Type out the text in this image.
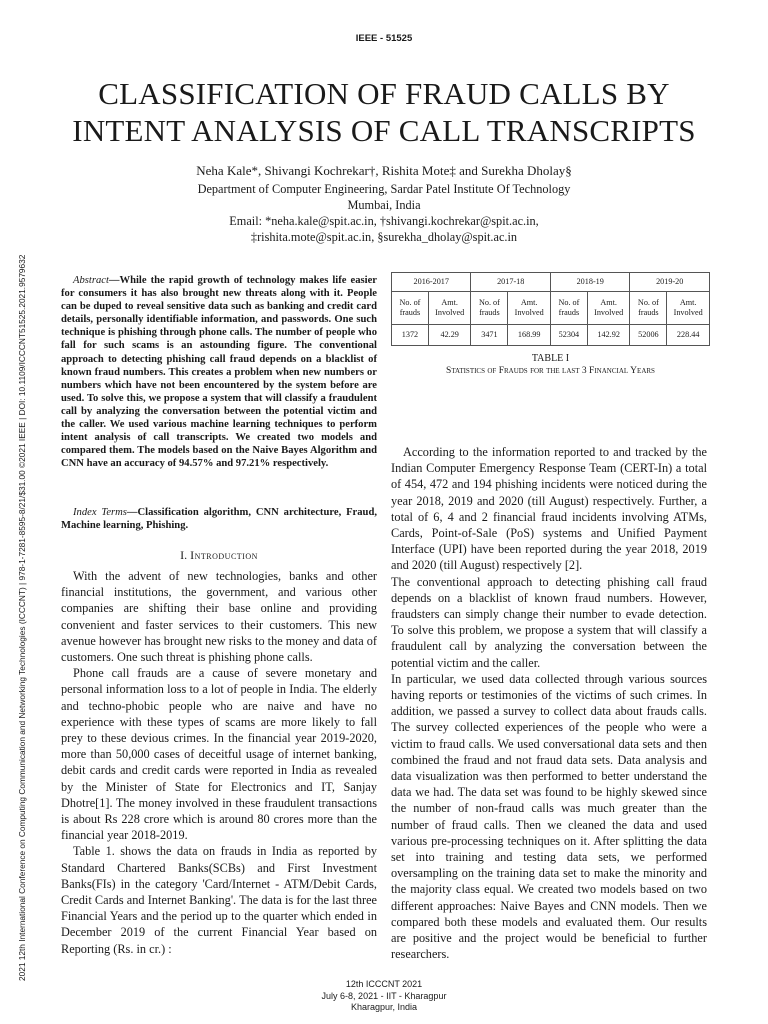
IEEE - 51525
2021 12th International Conference on Computing Communication and Networking Technologies (ICCCNT) | 978-1-7281-8595-8/21/$31.00 ©2021 IEEE | DOI: 10.1109/ICCCNT51525.2021.9579632
CLASSIFICATION OF FRAUD CALLS BY
INTENT ANALYSIS OF CALL TRANSCRIPTS
Neha Kale*, Shivangi Kochrekar†, Rishita Mote‡ and Surekha Dholay§
Department of Computer Engineering, Sardar Patel Institute Of Technology
Mumbai, India
Email: *neha.kale@spit.ac.in, †shivangi.kochrekar@spit.ac.in,
‡rishita.mote@spit.ac.in, §surekha_dholay@spit.ac.in
Abstract—While the rapid growth of technology makes life easier for consumers it has also brought new threats along with it. People can be duped to reveal sensitive data such as banking and credit card details, personally identifiable information, and passwords. One such technique is phishing through phone calls. The number of people who fall for such scams is an astounding figure. The conventional approach to detecting phishing call fraud depends on a blacklist of known fraud numbers. This creates a problem when new numbers or numbers which have not been encountered by the system before are used. To solve this, we propose a system that will classify a fraudulent call by analyzing the conversation between the potential victim and the caller. We used various machine learning techniques to perform intent analysis of call transcripts. We created two models and compared them. The models based on the Naive Bayes Algorithm and CNN have an accuracy of 94.57% and 97.21% respectively.
Index Terms—Classification algorithm, CNN architecture, Fraud, Machine learning, Phishing.
I. Introduction

With the advent of new technologies, banks and other financial institutions, the government, and various other companies are shifting their base online and providing convenient and faster services to their customers. This new avenue however has brought new risks to the money and data of customers. One such threat is phishing phone calls.

Phone call frauds are a cause of severe monetary and personal information loss to a lot of people in India. The elderly and techno-phobic people who are naive and have no experience with these types of scams are more likely to fall prey to these devious crimes. In the financial year 2019-2020, more than 50,000 cases of deceitful usage of internet banking, debit cards and credit cards were reported in India as revealed by the Minister of State for Electronics and IT, Sanjay Dhotre[1]. The money involved in these fraudulent transactions is about Rs 228 crore which is around 80 crores more than the financial year 2018-2019.

Table 1. shows the data on frauds in India as reported by Standard Chartered Banks(SCBs) and First Investment Banks(FIs) in the category 'Card/Internet - ATM/Debit Cards, Credit Cards and Internet Banking'. The data is for the last three Financial Years and the period up to the quarter which ended in December 2019 of the current Financial Year based on Reporting (Rs. in cr.) :

2016-2017		2017-18		2018-19		2019-20	
No. of frauds	Amt. Involved	No. of frauds	Amt. Involved	No. of frauds	Amt. Involved	No. of frauds	Amt. Involved
1372	42.29	3471	168.99	52304	142.92	52006	228.44
TABLE I
Statistics of Frauds for the last 3 Financial Years

According to the information reported to and tracked by the Indian Computer Emergency Response Team (CERT-In) a total of 454, 472 and 194 phishing incidents were noticed during the year 2018, 2019 and 2020 (till August) respectively. Further, a total of 6, 4 and 2 financial fraud incidents involving ATMs, Cards, Point-of-Sale (PoS) systems and Unified Payment Interface (UPI) have been reported during the year 2018, 2019 and 2020 (till August) respectively [2].

The conventional approach to detecting phishing call fraud depends on a blacklist of known fraud numbers. However, fraudsters can simply change their number to evade detection. To solve this problem, we propose a system that will classify a fraudulent call by analyzing the conversation between the potential victim and the caller.

In particular, we used data collected through various sources having reports or testimonies of the victims of such crimes. In addition, we passed a survey to collect data about frauds calls. The survey collected experiences of the people who were a victim to fraud calls. We used conversational data sets and then combined the fraud and not fraud data sets. Data analysis and data visualization was then performed to better understand the data we had. The data set was found to be highly skewed since the number of non-fraud calls was much greater than the number of fraud calls. Then we cleaned the data and used various pre-processing techniques on it. After splitting the data set into training and testing data sets, we performed oversampling on the training data set to make the minority and the majority class equal. We created two models based on two different approaches: Naive Bayes and CNN models. Then we compared both these models and evaluated them. Our results are positive and the project would be beneficial to further researchers.

12th ICCCNT 2021
July 6-8, 2021 - IIT - Kharagpur
Kharagpur, India
